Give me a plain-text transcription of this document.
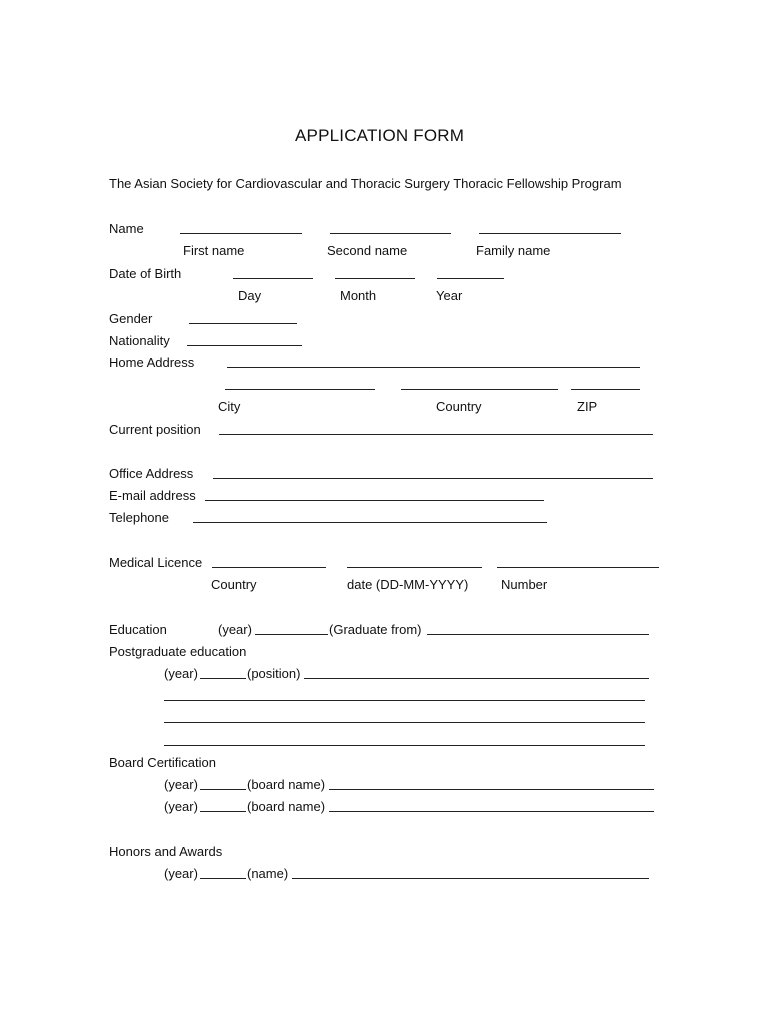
APPLICATION FORM
The Asian Society for Cardiovascular and Thoracic Surgery Thoracic Fellowship Program
Name
First name	Second name	Family name
Date of Birth
Day	Month	Year
Gender
Nationality
Home Address
City	Country	ZIP
Current position
Office Address
E-mail address
Telephone
Medical Licence
Country	date (DD-MM-YYYY)	Number
Education	(year)	(Graduate from)
Postgraduate education
(year)	(position)
Board Certification
(year)	(board name)
(year)	(board name)
Honors and Awards
(year)	(name)
